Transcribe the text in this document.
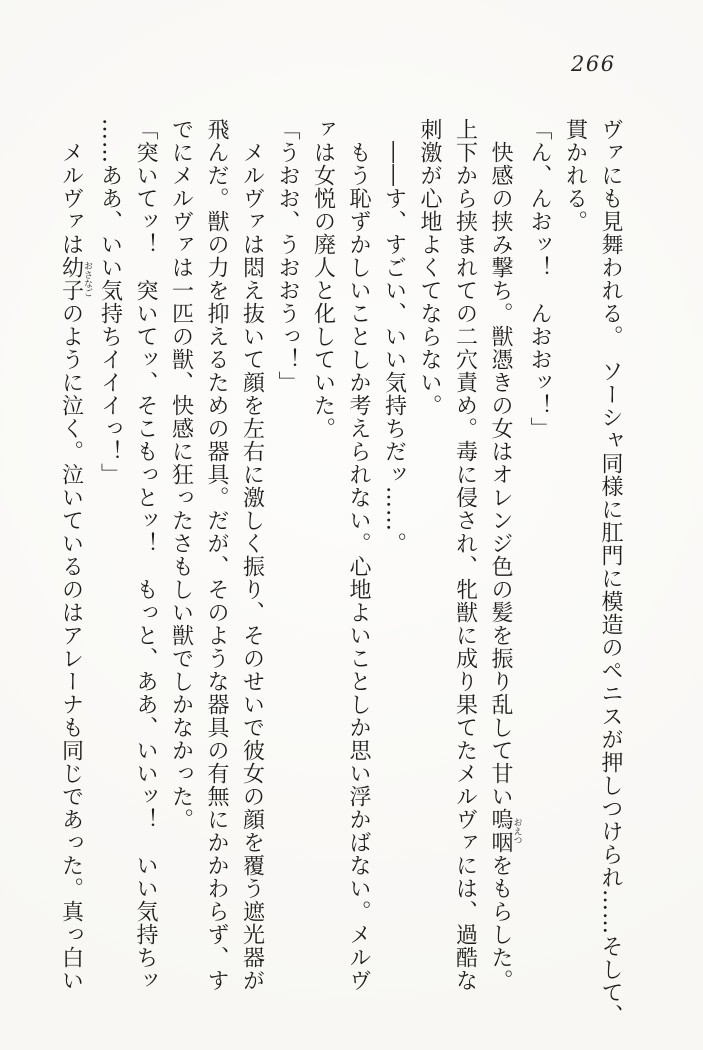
266

ヴァにも見舞われる。　ソーシャ同様に肛門に模造のペニスが押しつけられ……そして、

貫かれる。

「ん、んおッ！　んおおッ！」

快感の挟み撃ち。獣憑きの女はオレンジ色の髪を振り乱して甘い嗚咽おえつをもらした。

上下から挟まれての二穴責め。毒に侵され、牝獣に成り果てたメルヴァには、過酷な

刺激が心地よくてならない。

――す、すごい、いい気持ちだッ……。

もう恥ずかしいことしか考えられない。心地よいことしか思い浮かばない。メルヴ

ァは女悦の廃人と化していた。

「うおお、うおおうっ！」

メルヴァは悶え抜いて顔を左右に激しく振り、そのせいで彼女の顔を覆う遮光器が

飛んだ。獣の力を抑えるための器具。だが、そのような器具の有無にかかわらず、す

でにメルヴァは一匹の獣、快感に狂ったさもしい獣でしかなかった。

「突いてッ！　突いてッ、そこもっとッ！　もっと、ああ、いいッ！　いい気持ちッ

……ああ、いい気持ちイイイっ！」

メルヴァは幼子おさなごのように泣く。泣いているのはアレーナも同じであった。真っ白い
